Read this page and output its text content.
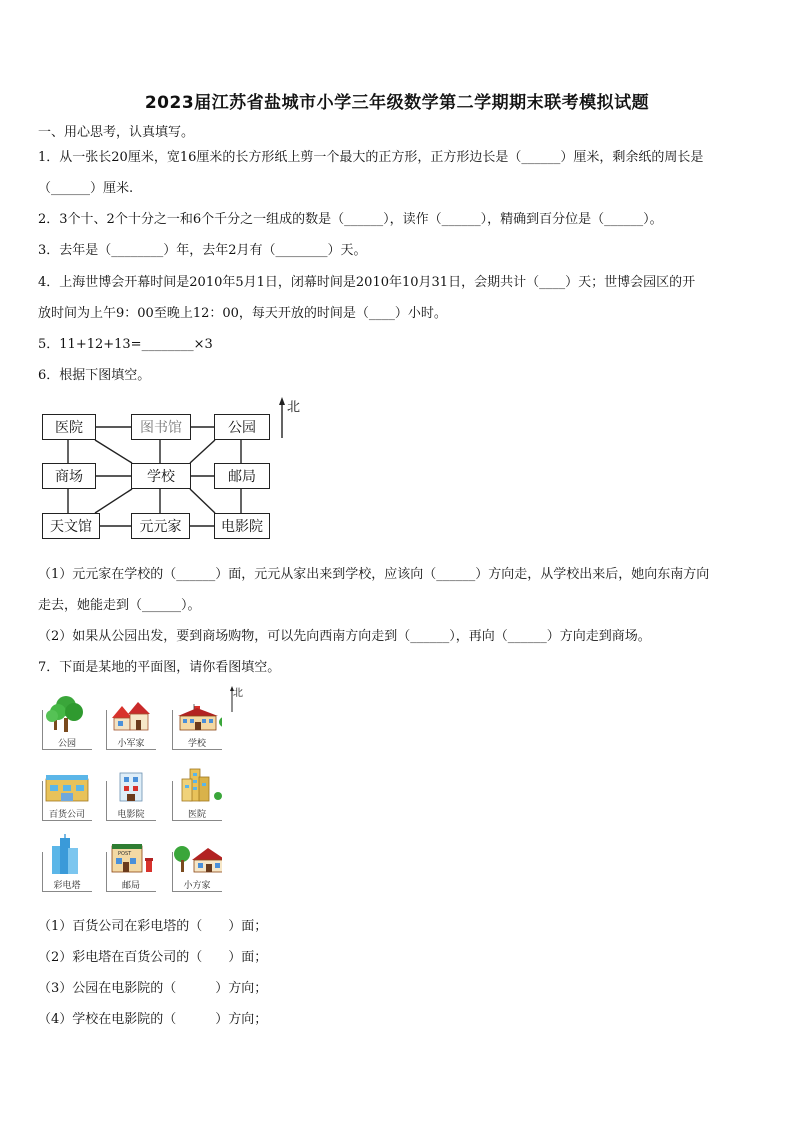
2023届江苏省盐城市小学三年级数学第二学期期末联考模拟试题
一、用心思考，认真填写。
1．从一张长20厘米，宽16厘米的长方形纸上剪一个最大的正方形，正方形边长是（______）厘米，剩余纸的周长是
（______）厘米.
2．3个十、2个十分之一和6个千分之一组成的数是（______），读作（______），精确到百分位是（______）。
3．去年是（________）年，去年2月有（________）天。
4．上海世博会开幕时间是2010年5月1日，闭幕时间是2010年10月31日，会期共计（____）天；世博会园区的开
放时间为上午9：00至晚上12：00，每天开放的时间是（____）小时。
5．11+12+13=________×3
6．根据下图填空。
北
医院	图书馆	公园
商场	学校	邮局
天文馆	元元家	电影院
（1）元元家在学校的（______）面，元元从家出来到学校，应该向（______）方向走，从学校出来后，她向东南方向
走去，她能走到（______）。
（2）如果从公园出发，要到商场购物，可以先向西南方向走到（______），再向（______）方向走到商场。
7．下面是某地的平面图，请你看图填空。
北
公园	小军家	学校
百货公司	电影院	医院
彩电塔
POST
邮局	小方家
（1）百货公司在彩电塔的（　　）面；
（2）彩电塔在百货公司的（　　）面；
（3）公园在电影院的（　　　）方向；
（4）学校在电影院的（　　　）方向；
